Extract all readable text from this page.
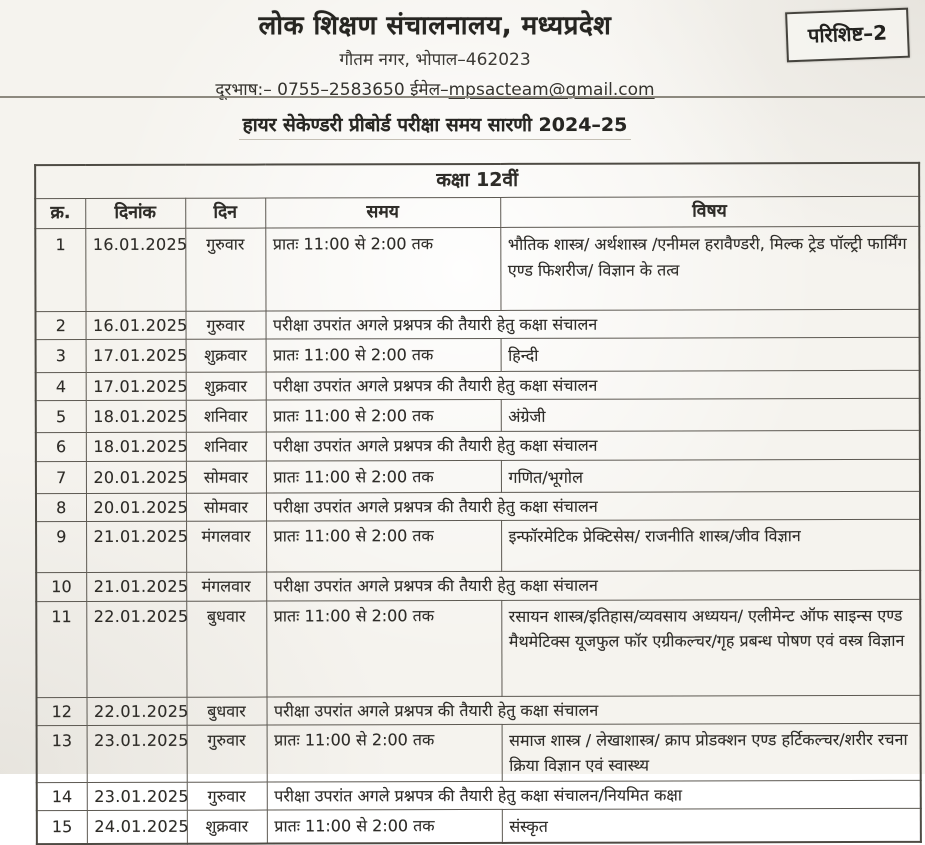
लोक शिक्षण संचालनालय, मध्यप्रदेश
गौतम नगर, भोपाल–462023
दूरभाष:– 0755–2583650 ईमेल–mpsacteam@gmail.com
परिशिष्ट–2
हायर सेकेण्डरी प्रीबोर्ड परीक्षा समय सारणी 2024–25
कक्षा 12वीं				
क्र.	दिनांक	दिन	समय	विषय
1	16.01.2025	गुरुवार	प्रातः 11:00 से 2:00 तक	भौतिक शास्त्र/ अर्थशास्त्र /एनीमल हरावैण्डरी, मिल्क ट्रेड पॉल्ट्री फार्मिंग एण्ड फिशरीज/ विज्ञान के तत्व
2	16.01.2025	गुरुवार	परीक्षा उपरांत अगले प्रश्नपत्र की तैयारी हेतु कक्षा संचालन	
3	17.01.2025	शुक्रवार	प्रातः 11:00 से 2:00 तक	हिन्दी
4	17.01.2025	शुक्रवार	परीक्षा उपरांत अगले प्रश्नपत्र की तैयारी हेतु कक्षा संचालन	
5	18.01.2025	शनिवार	प्रातः 11:00 से 2:00 तक	अंग्रेजी
6	18.01.2025	शनिवार	परीक्षा उपरांत अगले प्रश्नपत्र की तैयारी हेतु कक्षा संचालन	
7	20.01.2025	सोमवार	प्रातः 11:00 से 2:00 तक	गणित/भूगोल
8	20.01.2025	सोमवार	परीक्षा उपरांत अगले प्रश्नपत्र की तैयारी हेतु कक्षा संचालन	
9	21.01.2025	मंगलवार	प्रातः 11:00 से 2:00 तक	इन्फॉरमेटिक प्रेक्टिसेस/ राजनीति शास्त्र/जीव विज्ञान
10	21.01.2025	मंगलवार	परीक्षा उपरांत अगले प्रश्नपत्र की तैयारी हेतु कक्षा संचालन	
11	22.01.2025	बुधवार	प्रातः 11:00 से 2:00 तक	रसायन शास्त्र/इतिहास/व्यवसाय अध्ययन/ एलीमेन्ट ऑफ साइन्स एण्ड मैथमेटिक्स यूजफुल फॉर एग्रीकल्चर/गृह प्रबन्ध पोषण एवं वस्त्र विज्ञान
12	22.01.2025	बुधवार	परीक्षा उपरांत अगले प्रश्नपत्र की तैयारी हेतु कक्षा संचालन	
13	23.01.2025	गुरुवार	प्रातः 11:00 से 2:00 तक	समाज शास्त्र / लेखाशास्त्र/ क्राप प्रोडक्शन एण्ड हर्टिकल्चर/शरीर रचना क्रिया विज्ञान एवं स्वास्थ्य
14	23.01.2025	गुरुवार	परीक्षा उपरांत अगले प्रश्नपत्र की तैयारी हेतु कक्षा संचालन/नियमित कक्षा	
15	24.01.2025	शुक्रवार	प्रातः 11:00 से 2:00 तक	संस्कृत
